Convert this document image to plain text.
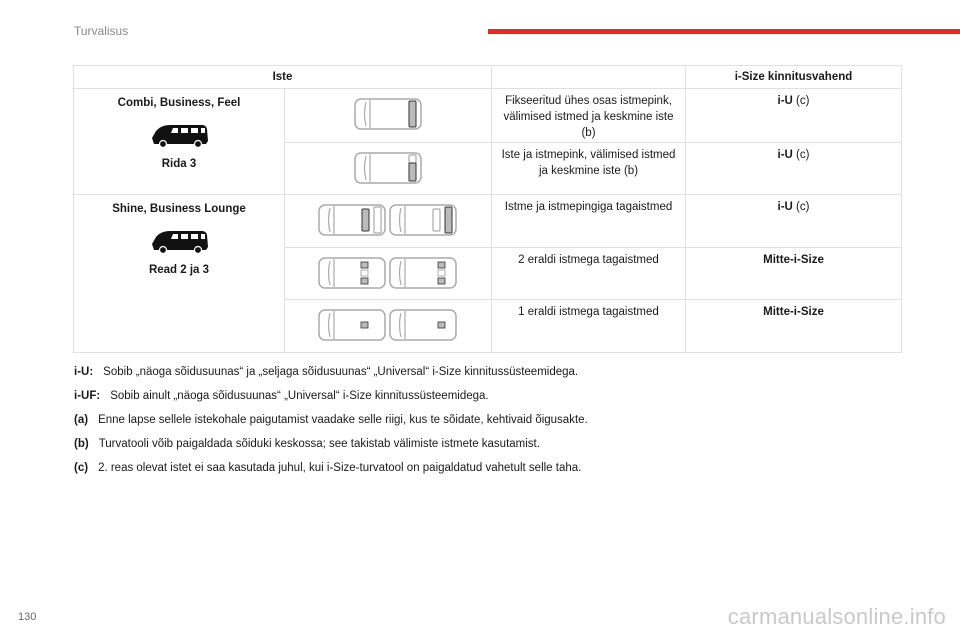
Turvalisus
Iste			i-Size kinnitusvahend

Combi, Business, Feel
Rida 3		Fikseeritud ühes osas istmepink, välimised istmed ja keskmine iste (b)	i-U (c)
	Iste ja istmepink, välimised istmed ja keskmine iste (b)	i-U (c)

Shine, Business Lounge
Read 2 ja 3		Istme ja istmepingiga tagaistmed	i-U (c)
	2 eraldi istmega tagaistmed	Mitte-i-Size
	1 eraldi istmega tagaistmed	Mitte-i-Size
i-U: Sobib „näoga sõidusuunas“ ja „seljaga sõidusuunas“ „Universal“ i-Size kinnitussüsteemidega.
i-UF: Sobib ainult „näoga sõidusuunas“ „Universal“ i-Size kinnitussüsteemidega.
(a) Enne lapse sellele istekohale paigutamist vaadake selle riigi, kus te sõidate, kehtivaid õigusakte.
(b) Turvatooli võib paigaldada sõiduki keskossa; see takistab välimiste istmete kasutamist.
(c) 2. reas olevat istet ei saa kasutada juhul, kui i-Size-turvatool on paigaldatud vahetult selle taha.
130	carmanualsonline.info
